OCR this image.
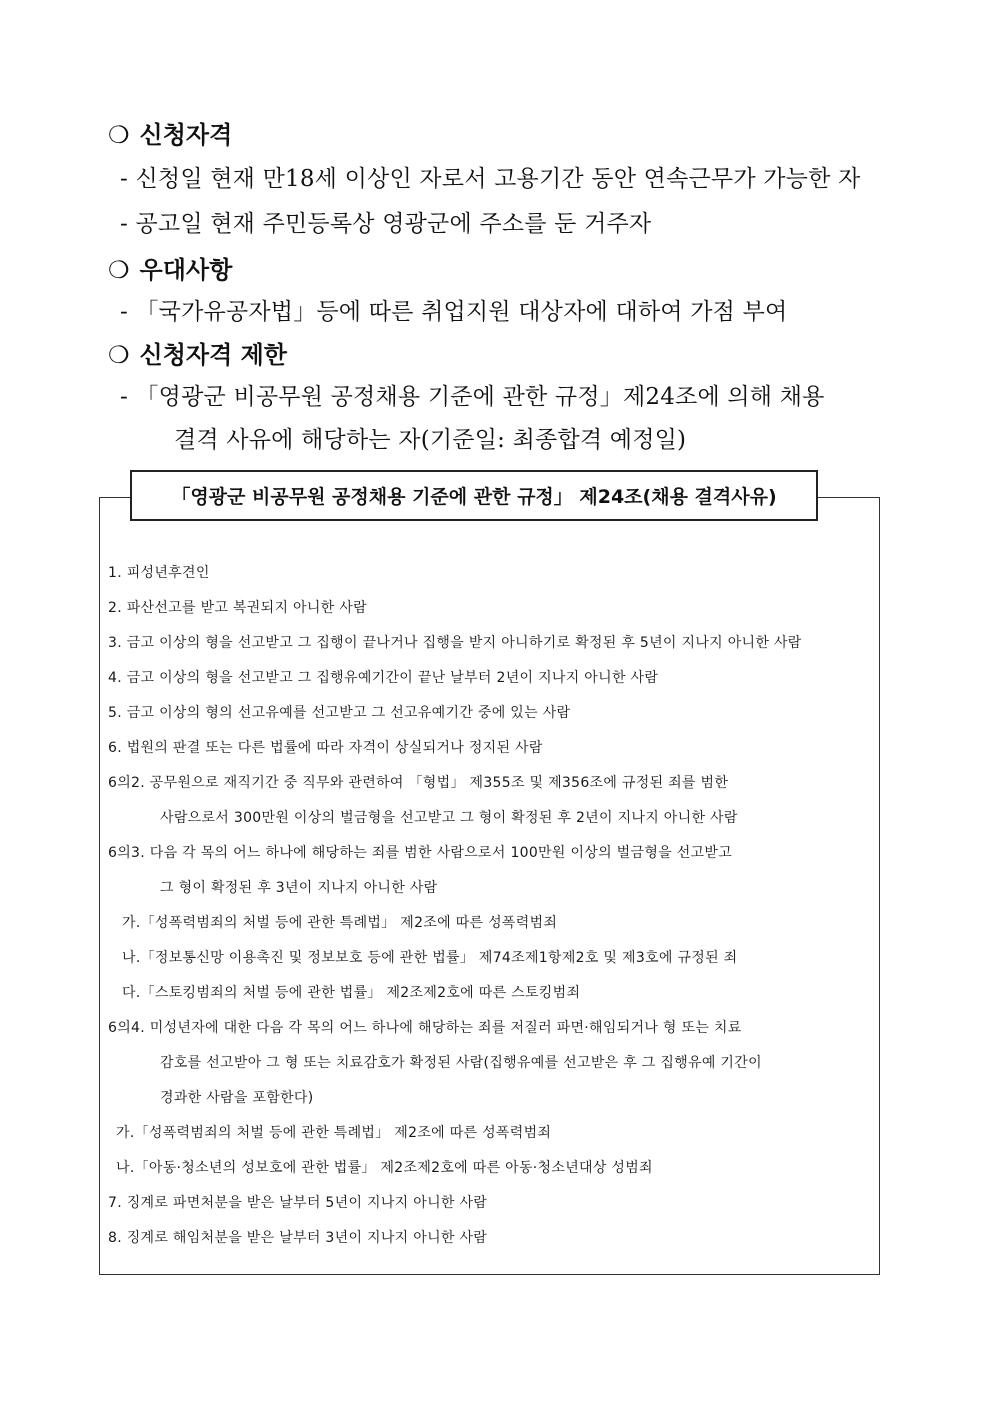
❍ 신청자격
- 신청일 현재 만18세 이상인 자로서 고용기간 동안 연속근무가 가능한 자
- 공고일 현재 주민등록상 영광군에 주소를 둔 거주자
❍ 우대사항
- 「국가유공자법」등에 따른 취업지원 대상자에 대하여 가점 부여
❍ 신청자격 제한
- 「영광군 비공무원 공정채용 기준에 관한 규정」제24조에 의해 채용
결격 사유에 해당하는 자(기준일: 최종합격 예정일)
「영광군 비공무원 공정채용 기준에 관한 규정」 제24조(채용 결격사유)
1. 피성년후견인
2. 파산선고를 받고 복권되지 아니한 사람
3. 금고 이상의 형을 선고받고 그 집행이 끝나거나 집행을 받지 아니하기로 확정된 후 5년이 지나지 아니한 사람
4. 금고 이상의 형을 선고받고 그 집행유예기간이 끝난 날부터 2년이 지나지 아니한 사람
5. 금고 이상의 형의 선고유예를 선고받고 그 선고유예기간 중에 있는 사람
6. 법원의 판결 또는 다른 법률에 따라 자격이 상실되거나 정지된 사람
6의2. 공무원으로 재직기간 중 직무와 관련하여 「형법」 제355조 및 제356조에 규정된 죄를 범한
사람으로서 300만원 이상의 벌금형을 선고받고 그 형이 확정된 후 2년이 지나지 아니한 사람
6의3. 다음 각 목의 어느 하나에 해당하는 죄를 범한 사람으로서 100만원 이상의 벌금형을 선고받고
그 형이 확정된 후 3년이 지나지 아니한 사람
가.「성폭력범죄의 처벌 등에 관한 특례법」 제2조에 따른 성폭력범죄
나.「정보통신망 이용촉진 및 정보보호 등에 관한 법률」 제74조제1항제2호 및 제3호에 규정된 죄
다.「스토킹범죄의 처벌 등에 관한 법률」 제2조제2호에 따른 스토킹범죄
6의4. 미성년자에 대한 다음 각 목의 어느 하나에 해당하는 죄를 저질러 파면·해임되거나 형 또는 치료
감호를 선고받아 그 형 또는 치료감호가 확정된 사람(집행유예를 선고받은 후 그 집행유예 기간이
경과한 사람을 포함한다)
가.「성폭력범죄의 처벌 등에 관한 특례법」 제2조에 따른 성폭력범죄
나.「아동·청소년의 성보호에 관한 법률」 제2조제2호에 따른 아동·청소년대상 성범죄
7. 징계로 파면처분을 받은 날부터 5년이 지나지 아니한 사람
8. 징계로 해임처분을 받은 날부터 3년이 지나지 아니한 사람
